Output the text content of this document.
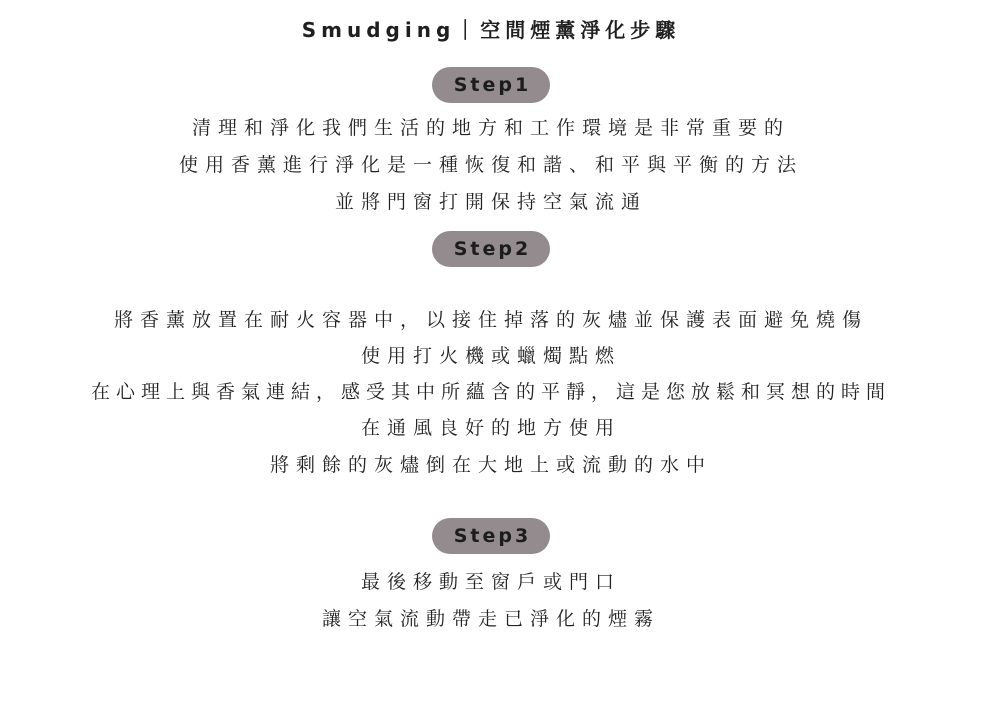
Smudging｜空間煙薰淨化步驟
Step1
清理和淨化我們生活的地方和工作環境是非常重要的
使用香薰進行淨化是一種恢復和諧、和平與平衡的方法
並將門窗打開保持空氣流通
Step2
將香薰放置在耐火容器中，以接住掉落的灰燼並保護表面避免燒傷
使用打火機或蠟燭點燃
在心理上與香氣連結，感受其中所蘊含的平靜，這是您放鬆和冥想的時間
在通風良好的地方使用
將剩餘的灰燼倒在大地上或流動的水中
Step3
最後移動至窗戶或門口
讓空氣流動帶走已淨化的煙霧
